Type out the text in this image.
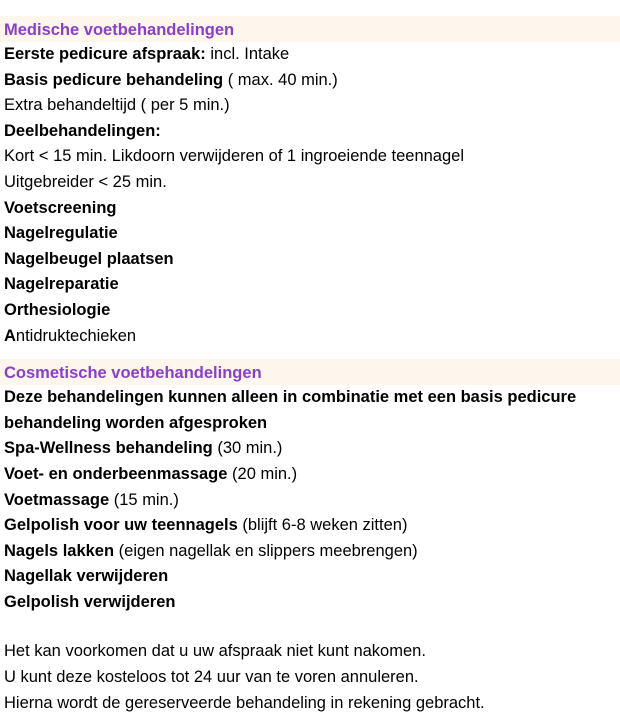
Medische voetbehandelingen
Eerste pedicure afspraak: incl. Intake
Basis pedicure behandeling ( max. 40 min.)
Extra behandeltijd ( per 5 min.)
Deelbehandelingen:
Kort < 15 min. Likdoorn verwijderen of 1 ingroeiende teennagel
Uitgebreider < 25 min.
Voetscreening
Nagelregulatie
Nagelbeugel plaatsen
Nagelreparatie
Orthesiologie
Antidruktechieken
Cosmetische voetbehandelingen
Deze behandelingen kunnen alleen in combinatie met een basis pedicure behandeling worden afgesproken
Spa-Wellness behandeling (30 min.)
Voet- en onderbeenmassage (20 min.)
Voetmassage (15 min.)
Gelpolish voor uw teennagels (blijft 6-8 weken zitten)
Nagels lakken (eigen nagellak en slippers meebrengen)
Nagellak verwijderen
Gelpolish verwijderen
Het kan voorkomen dat u uw afspraak niet kunt nakomen.
U kunt deze kosteloos tot 24 uur van te voren annuleren.
Hierna wordt de gereserveerde behandeling in rekening gebracht.
